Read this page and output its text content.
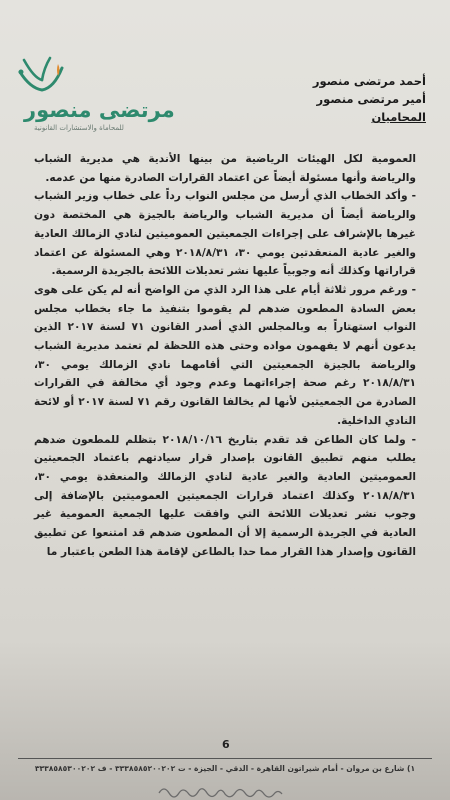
مرتضى منصور
للمحاماة والاستشارات القانونية
أحمد مرتضى منصور
أمير مرتضى منصور
المحاميان

العمومية لكل الهيئات الرياضية من بينها الأندية هي مديرية الشباب والرياضة وأنها مسئولة أيضاً عن اعتماد القرارات الصادرة منها من عدمه.

- وأكد الخطاب الذي أرسل من مجلس النواب رداً على خطاب وزير الشباب والرياضة أيضاً أن مديرية الشباب والرياضة بالجيزة هي المختصة دون غيرها بالإشراف على إجراءات الجمعيتين العموميتين لنادي الزمالك العادية والغير عادية المنعقدتين يومي ٣٠، ٢٠١٨/٨/٣١ وهي المسئولة عن اعتماد قراراتها وكذلك أنه وجوبياً عليها نشر تعديلات اللائحة بالجريدة الرسمية.

- ورغم مرور ثلاثة أيام على هذا الرد الذي من الواضح أنه لم يكن على هوى بعض السادة المطعون ضدهم لم يقوموا بتنفيذ ما جاء بخطاب مجلس النواب استهتاراً به وبالمجلس الذي أصدر القانون ٧١ لسنة ٢٠١٧ الذين يدعون أنهم لا يفهمون مواده وحتى هذه اللحظة لم تعتمد مديرية الشباب والرياضة بالجيزة الجمعيتين التي أقامهما نادي الزمالك يومي ٣٠، ٢٠١٨/٨/٣١ رغم صحة إجراءاتهما وعدم وجود أي مخالفة في القرارات الصادرة من الجمعيتين لأنها لم يخالفا القانون رقم ٧١ لسنة ٢٠١٧ أو لائحة النادي الداخلية.

- ولما كان الطاعن قد تقدم بتاريخ ٢٠١٨/١٠/١٦ بتظلم للمطعون ضدهم يطلب منهم تطبيق القانون بإصدار قرار سيادتهم باعتماد الجمعيتين العموميتين العادية والغير عادية لنادي الزمالك والمنعقدة يومي ٣٠، ٢٠١٨/٨/٣١ وكذلك اعتماد قرارات الجمعيتين العموميتين بالإضافة إلى وجوب نشر تعديلات اللائحة التي وافقت عليها الجمعية العمومية غير العادية في الجريدة الرسمية إلا أن المطعون ضدهم قد امتنعوا عن تطبيق القانون وإصدار هذا القرار مما حدا بالطاعن لإقامة هذا الطعن باعتبار ما

6
١) شارع بن مروان - أمام شيراتون القاهرة - الدقي - الجيزة - ت ٣٣٣٨٥٨٥٢٠٠٢٠٢ - ف ٣٣٣٨٥٨٥٣٠٠٢٠٢
